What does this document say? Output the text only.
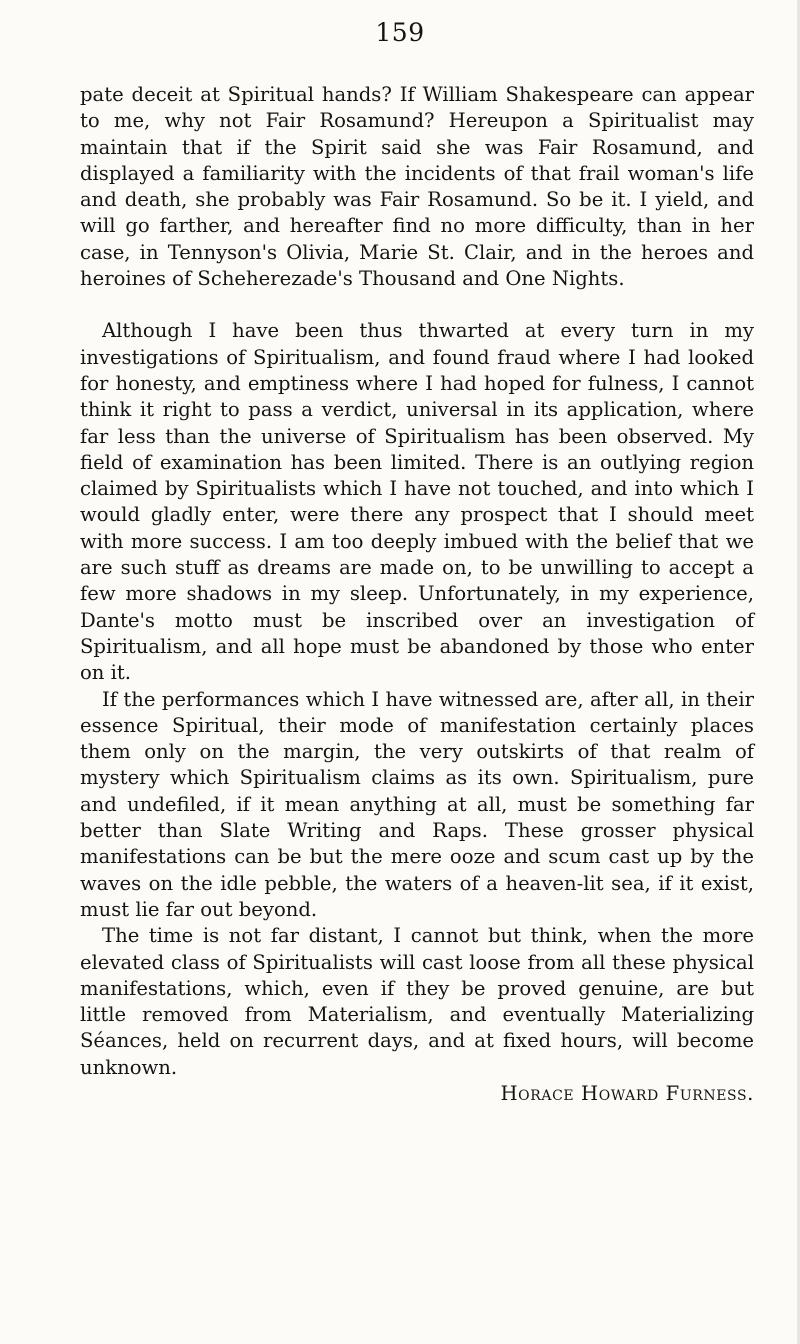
159

pate deceit at Spiritual hands? If William Shakespeare can appear to me, why not Fair Rosamund? Hereupon a Spiritualist may maintain that if the Spirit said she was Fair Rosamund, and displayed a familiarity with the incidents of that frail woman's life and death, she probably was Fair Rosamund. So be it. I yield, and will go farther, and hereafter find no more difficulty, than in her case, in Tennyson's Olivia, Marie St. Clair, and in the heroes and heroines of Scheherezade's Thousand and One Nights.

Although I have been thus thwarted at every turn in my investigations of Spiritualism, and found fraud where I had looked for honesty, and emptiness where I had hoped for fulness, I cannot think it right to pass a verdict, universal in its application, where far less than the universe of Spiritualism has been observed. My field of examination has been limited. There is an outlying region claimed by Spiritualists which I have not touched, and into which I would gladly enter, were there any prospect that I should meet with more success. I am too deeply imbued with the belief that we are such stuff as dreams are made on, to be unwilling to accept a few more shadows in my sleep. Unfortunately, in my experience, Dante's motto must be inscribed over an investigation of Spiritualism, and all hope must be abandoned by those who enter on it.

If the performances which I have witnessed are, after all, in their essence Spiritual, their mode of manifestation certainly places them only on the margin, the very outskirts of that realm of mystery which Spiritualism claims as its own. Spiritualism, pure and undefiled, if it mean anything at all, must be something far better than Slate Writing and Raps. These grosser physical manifestations can be but the mere ooze and scum cast up by the waves on the idle pebble, the waters of a heaven-lit sea, if it exist, must lie far out beyond.

The time is not far distant, I cannot but think, when the more elevated class of Spiritualists will cast loose from all these physical manifestations, which, even if they be proved genuine, are but little removed from Materialism, and eventually Materializing Séances, held on recurrent days, and at fixed hours, will become unknown.

Horace Howard Furness.
